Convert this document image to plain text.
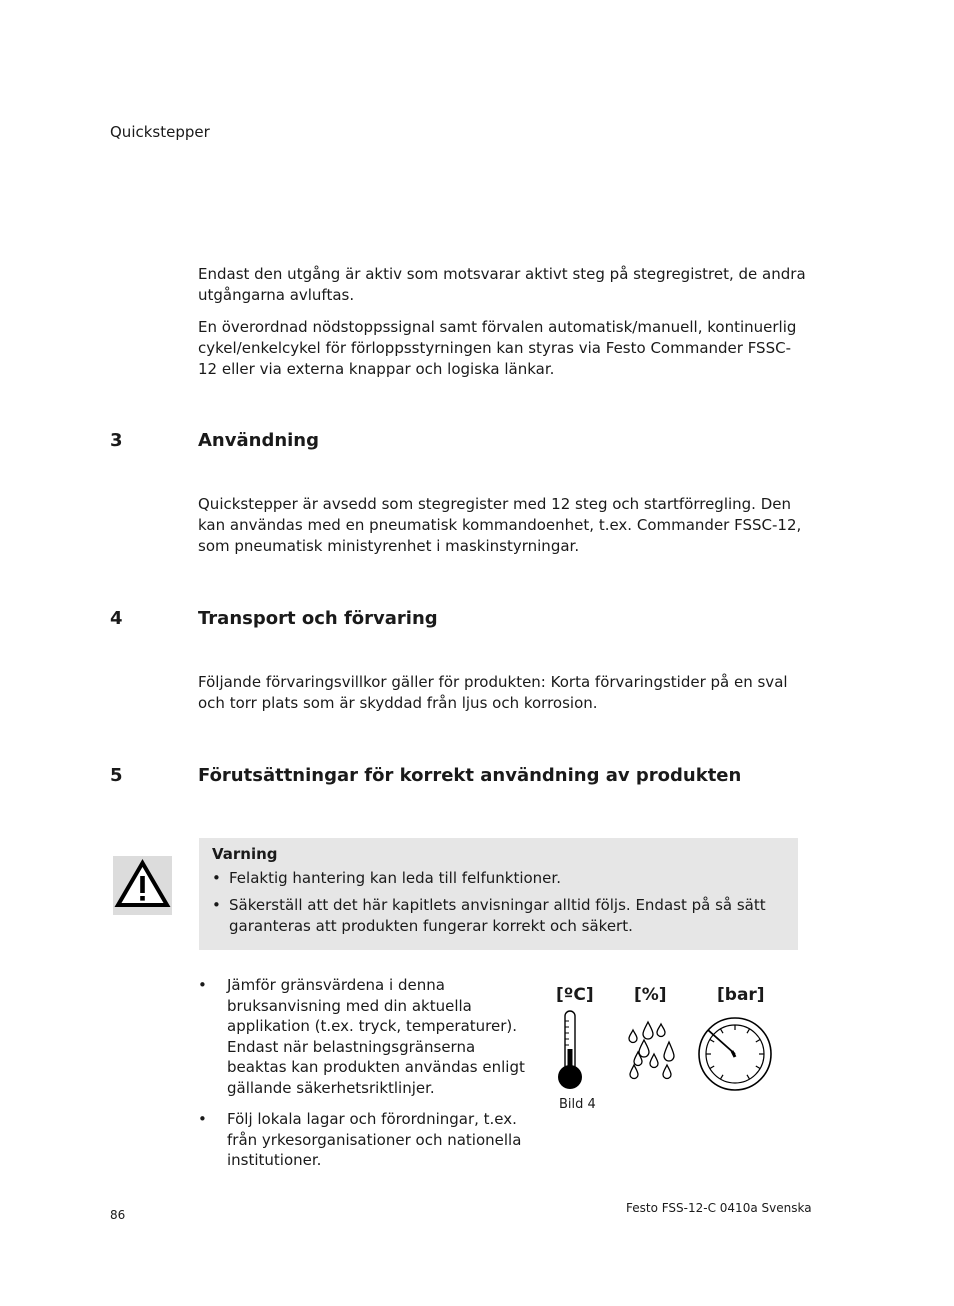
Quickstepper

Endast den utgång är aktiv som motsvarar aktivt steg på stegregistret, de andra utgångarna avluftas.

En överordnad nödstoppssignal samt förvalen automatisk/manuell, kontinuerlig cykel/enkelcykel för förloppsstyrningen kan styras via Festo Commander FSSC-12 eller via externa knappar och logiska länkar.

3	Användning

Quickstepper är avsedd som stegregister med 12 steg och startförregling. Den kan användas med en pneumatisk kommandoenhet, t.ex. Commander FSSC-12, som pneumatisk ministyrenhet i maskinstyrningar.

4	Transport och förvaring

Följande förvaringsvillkor gäller för produkten: Korta förvaringstider på en sval och torr plats som är skyddad från ljus och korrosion.

5	Förutsättningar för korrekt användning av produkten
Varning
• Felaktig hantering kan leda till felfunktioner.
• Säkerställ att det här kapitlets anvisningar alltid följs. Endast på så sätt garanteras att produkten fungerar korrekt och säkert.
• Jämför gränsvärdena i denna bruksanvisning med din aktuella applikation (t.ex. tryck, temperaturer). Endast när belastningsgränserna beaktas kan produkten användas enligt gällande säkerhetsriktlinjer.
• Följ lokala lagar och förordningar, t.ex. från yrkesorganisationer och nationella institutioner.
[ºC] [%]	[bar]
Bild 4
86	Festo FSS-12-C 0410a Svenska
